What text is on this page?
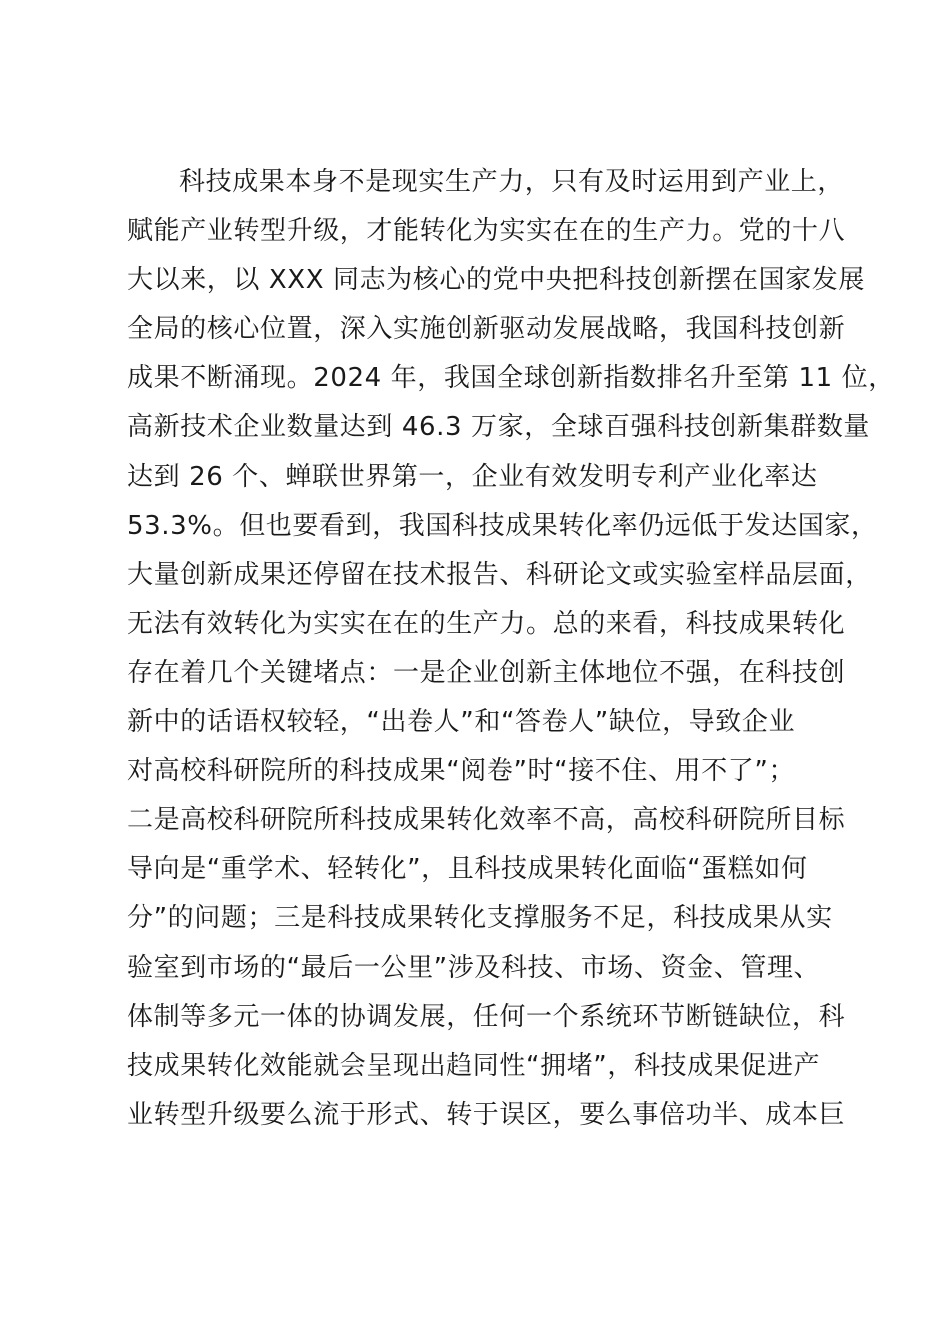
科技成果本身不是现实生产力，只有及时运用到产业上，
赋能产业转型升级，才能转化为实实在在的生产力。党的十八
大以来，以 XXX 同志为核心的党中央把科技创新摆在国家发展
全局的核心位置，深入实施创新驱动发展战略，我国科技创新
成果不断涌现。2024 年，我国全球创新指数排名升至第 11 位，
高新技术企业数量达到 46.3 万家，全球百强科技创新集群数量
达到 26 个、蝉联世界第一，企业有效发明专利产业化率达
53.3%。但也要看到，我国科技成果转化率仍远低于发达国家，
大量创新成果还停留在技术报告、科研论文或实验室样品层面，
无法有效转化为实实在在的生产力。总的来看，科技成果转化
存在着几个关键堵点：一是企业创新主体地位不强，在科技创
新中的话语权较轻，“出卷人”和“答卷人”缺位，导致企业
对高校科研院所的科技成果“阅卷”时“接不住、用不了”；
二是高校科研院所科技成果转化效率不高，高校科研院所目标
导向是“重学术、轻转化”，且科技成果转化面临“蛋糕如何
分”的问题；三是科技成果转化支撑服务不足，科技成果从实
验室到市场的“最后一公里”涉及科技、市场、资金、管理、
体制等多元一体的协调发展，任何一个系统环节断链缺位，科
技成果转化效能就会呈现出趋同性“拥堵”，科技成果促进产
业转型升级要么流于形式、转于误区，要么事倍功半、成本巨
